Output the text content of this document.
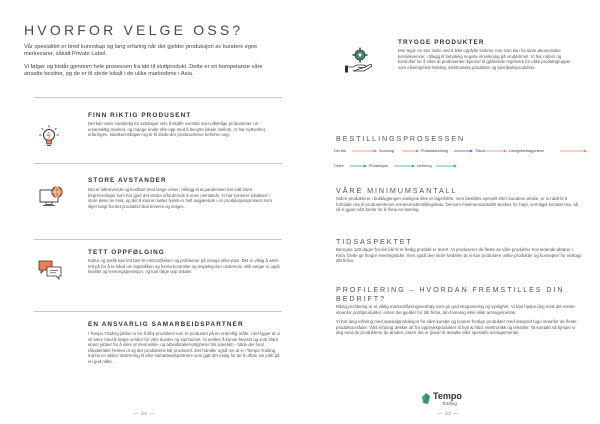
HVORFOR VELGE OSS?

Vår spesialitet er bred kunnskap og lang erfaring når det gjelder produksjon av kunders egne merkevarer, såkalt Private Label.

Vi følger og bistår gjennom hele prosessen fra idé til sluttprodukt. Dette er en kompetanse våre ansatte besitter, og de er til stede lokalt i de ulike markedene i Asia.

FINN RIKTIG PRODUSENT

Det kan være vanskelig for selskaper selv å skaffe oversikt over pålitelige produsenter i et uoversiktlig marked, og mange ender ofte opp med å benytte lokale mellom. Vi har nettverket, erfaringen, lokalkunnskapen og er til stede der produsentene befinner seg.

STORE AVSTANDER

Det er tidkrevende og kostbart med lange reiser, i tillegg til at pandemien har satt store begrensninger som har gjort det ekstra utfordrende å reise utenlands. Vi har kontorer lokalisert i store deler av Asia, og det å kunne møtes fysisk er helt avgjørende i en produksjonsprosess som skjer langt fra det produktet skal leveres og selges.

TETT OPPFØLGING

Kultur og språk kan lett føre til misforståelser og problemer på mange ulike plan. Det er viktig å være tett på for å ta hånd om logistikken og foreta kontroller og inspeksjoner underveis. Slik sørger vi også kvalitet og leveringspresisjon, og kan følge opp avtaler.

EN ANSVARLIG SAMARBEIDSPARTNER

I Tempo Trading jobber vi for å tilby produkter som er produsert på en ordentlig måte. I det ligger at vi vil være med å skape verdier for våre kunder og samfunnet. Vi ønsker å kunne bevisst og som blant annet jobber for å sikre at menneske- og arbeidstakerrettigheter blir ivaretatt – både der hvor råmaterialer hentes ut og der produktene blir produsert. Det handler også om at vi i Tempo Trading må ha en sikker tilnærming til våre samarbeidspartnere som gjør det mulig for de å utføre sin jobb på en god måte.

— 42 —
TRYGGE PRODUKTER

Mer tepp: en stor risiko ved å ikke oppfylle lovkrav, noe som kan ha store økonomiske konsekvenser, i tillegg til betydelig negativ innvirkning på omdømmet. Vi har rutiner og kontroller for å sikre at produsenten kjenner til gjeldende regelverk for ulike produktgrupper som eksempelvis leketøy, elektroniske produkter og kjemikalieprodukter.

BESTILLINGSPROSESSEN
Din idé	Sourcing	Produktutvikling	Tilbud	Designforslag/prøver
Ordre	Produksjon	Levering
VÅRE MINIMUMSANTALL

Siden produktene i butikkgjengen vanligvis ikke er lagerførte, men bestilles spesielt etter kundens ønske, er vi nødt til å forholde oss til produsentenes minimumsbestillingskrav. Dersom minimumsantallet ønskes for høyt, vennligst kontakt oss, så vil vi gjøre vårt beste for å finne en løsning.

TIDSASPEKTET

Beregne 120 dager fra din idé til et ferdig produkt er levert. Vi produserer de fleste av våre produkter hos ledende aktører i Kina. Dette gir lengre leveringstider, men også den store fordelen at vi kan produsere unike produkter og konsepter for nettopp ditt firma.

PROFILERING – HVORDAN FREMSTILLES DIN BEDRIFT?

Riktig profilering er et viktig markedsføringsverktøy som gir god eksponering og synlighet. Vi kan hjelpe deg med det meste innenfor profilprodukter, enten det gjelder for ditt firma, din forening eller ulike arrangementer.

Vi har lang erfaring med spesialproduksjon for våre kunder og leverer ferdige produkter med integrert logo innenfor de fleste produktområder. Vårt erfaring dekker alt fra opptrykkprodukter til hytt & fritid, elektronikk og tekstiler. Ta kontakt så hjelper vi deg med de produktene du ønsker, enten det er gaver til ansatte eller spesielle arrangementer.

Tempo
Trading
— 43 —
